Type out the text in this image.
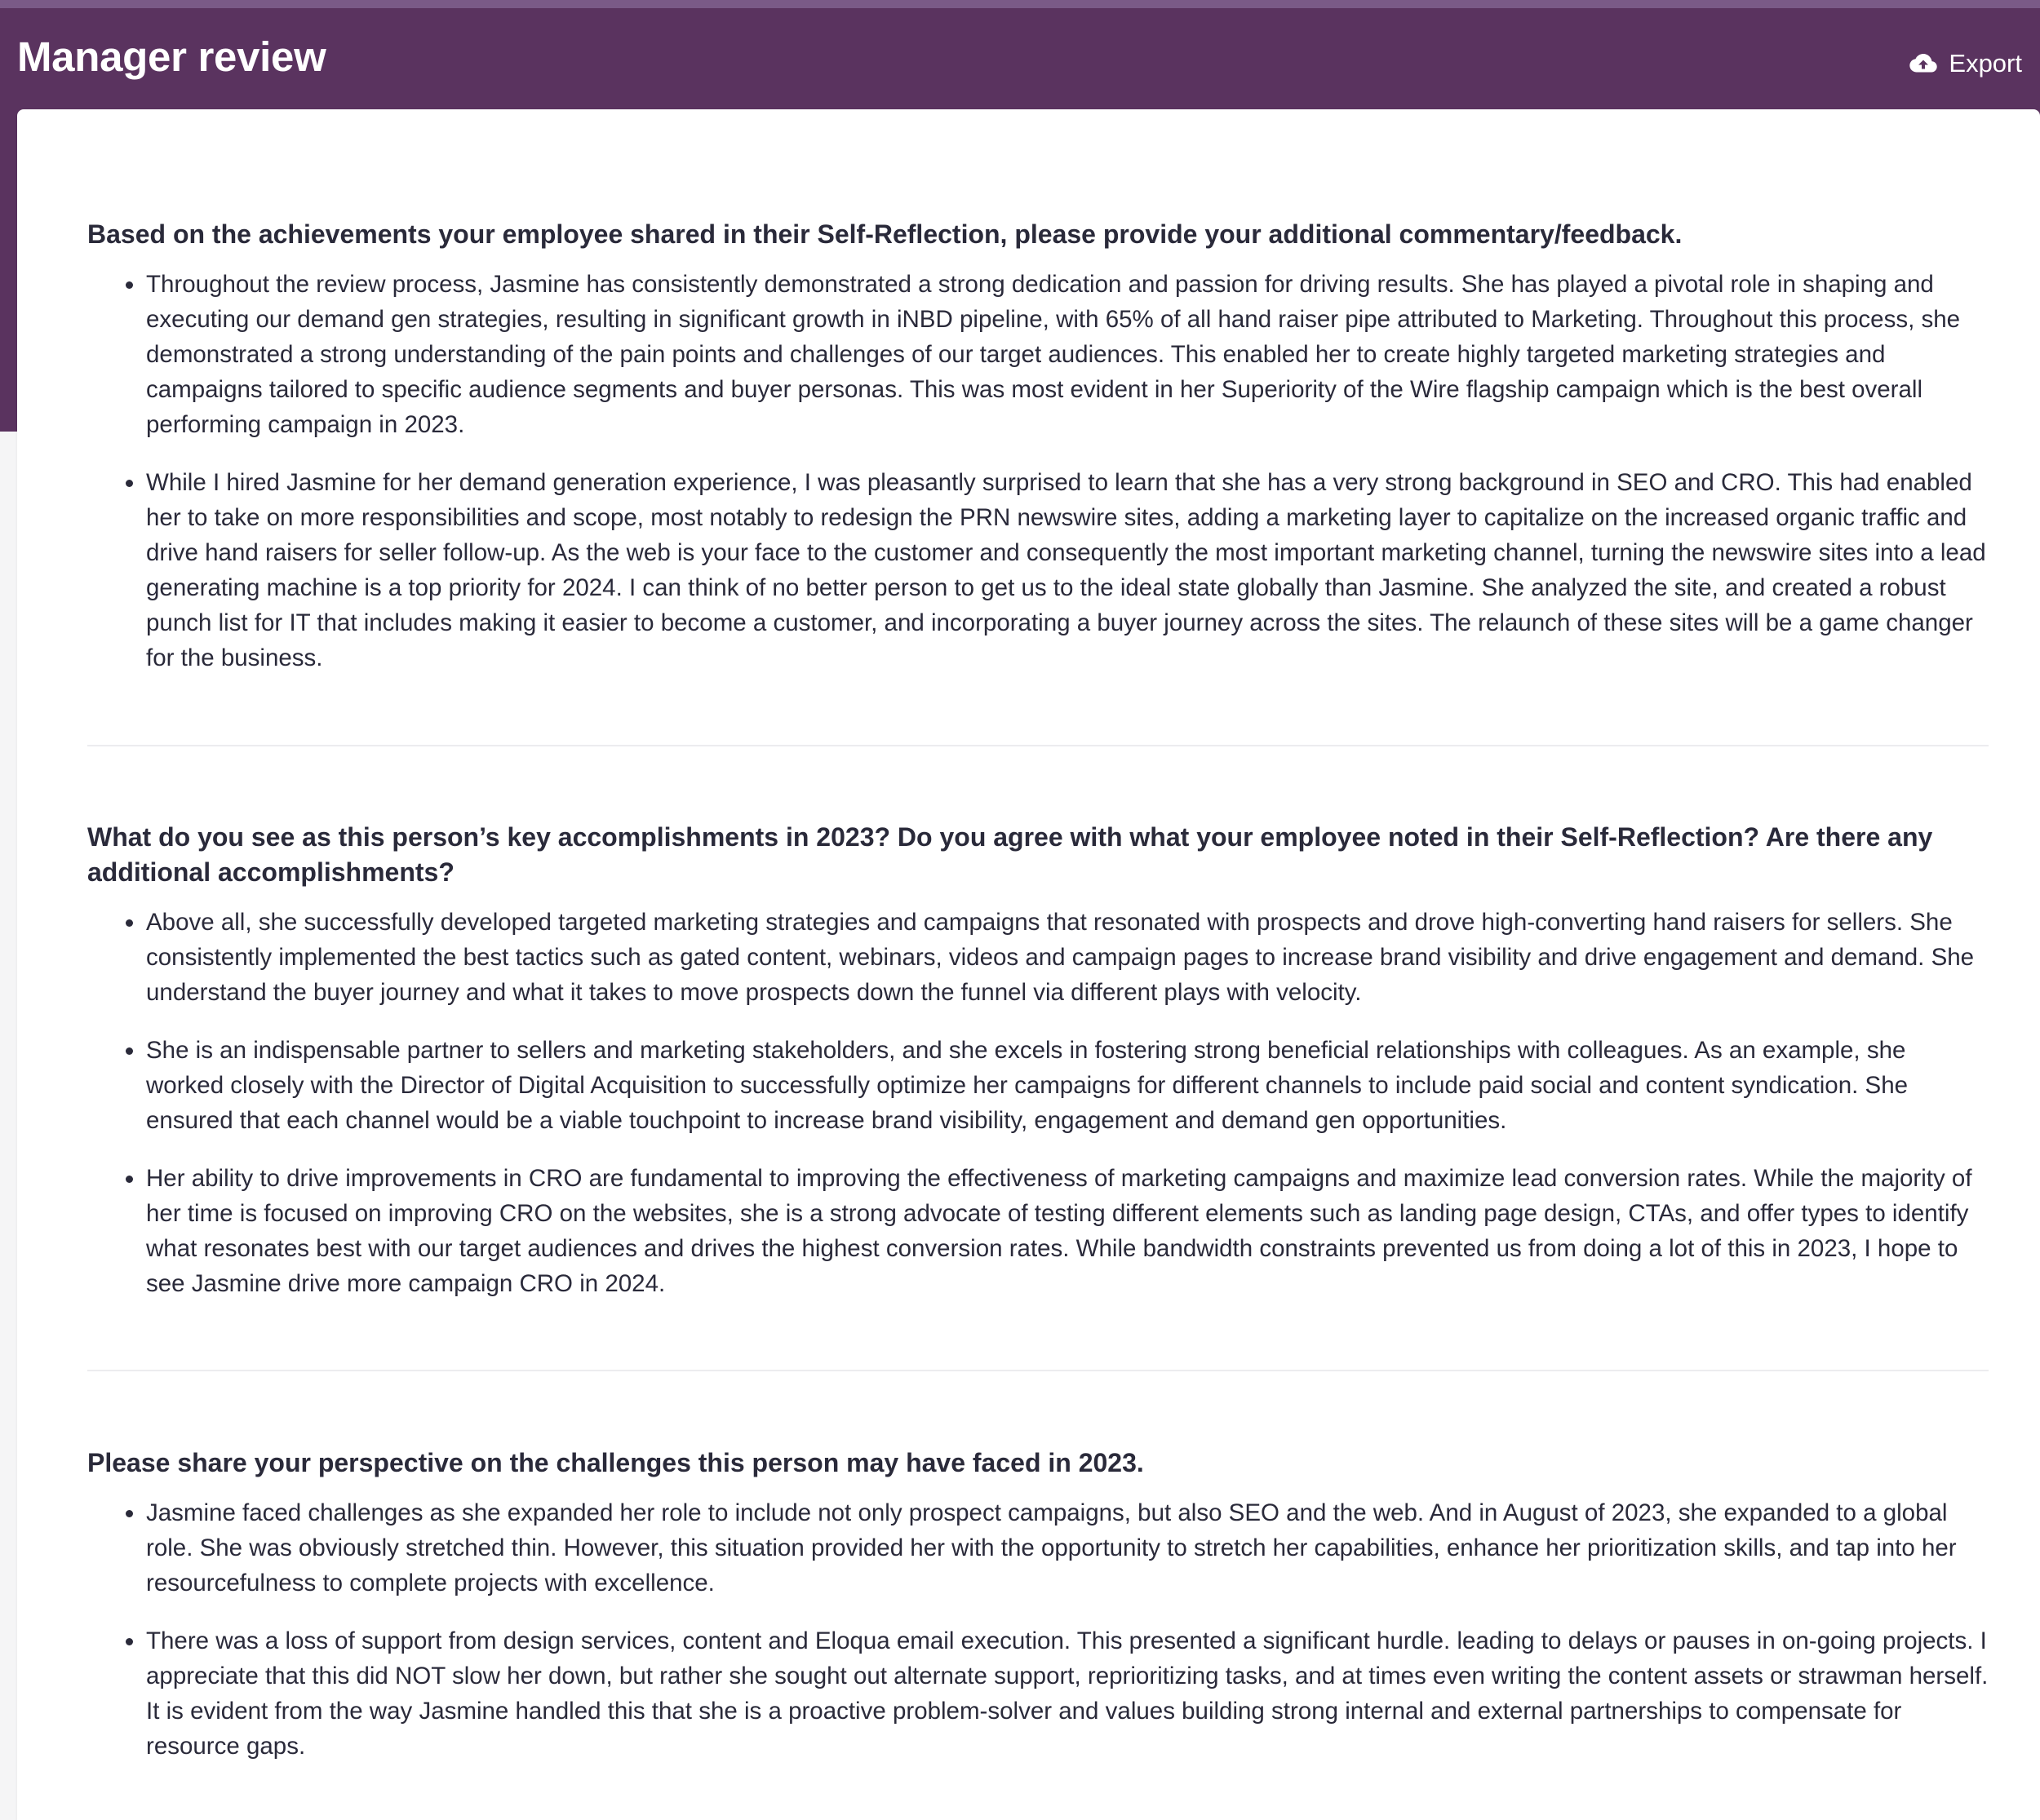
Manager review	Export
Based on the achievements your employee shared in their Self-Reflection, please provide your additional commentary/feedback.
Throughout the review process, Jasmine has consistently demonstrated a strong dedication and passion for driving results. She has played a pivotal role in shaping and executing our demand gen strategies, resulting in significant growth in iNBD pipeline, with 65% of all hand raiser pipe attributed to Marketing. Throughout this process, she demonstrated a strong understanding of the pain points and challenges of our target audiences. This enabled her to create highly targeted marketing strategies and campaigns tailored to specific audience segments and buyer personas. This was most evident in her Superiority of the Wire flagship campaign which is the best overall performing campaign in 2023.
While I hired Jasmine for her demand generation experience, I was pleasantly surprised to learn that she has a very strong background in SEO and CRO. This had enabled her to take on more responsibilities and scope, most notably to redesign the PRN newswire sites, adding a marketing layer to capitalize on the increased organic traffic and drive hand raisers for seller follow-up. As the web is your face to the customer and consequently the most important marketing channel, turning the newswire sites into a lead generating machine is a top priority for 2024. I can think of no better person to get us to the ideal state globally than Jasmine. She analyzed the site, and created a robust punch list for IT that includes making it easier to become a customer, and incorporating a buyer journey across the sites. The relaunch of these sites will be a game changer for the business.
What do you see as this person’s key accomplishments in 2023? Do you agree with what your employee noted in their Self-Reflection? Are there any additional accomplishments?
Above all, she successfully developed targeted marketing strategies and campaigns that resonated with prospects and drove high-converting hand raisers for sellers. She consistently implemented the best tactics such as gated content, webinars, videos and campaign pages to increase brand visibility and drive engagement and demand. She understand the buyer journey and what it takes to move prospects down the funnel via different plays with velocity.
She is an indispensable partner to sellers and marketing stakeholders, and she excels in fostering strong beneficial relationships with colleagues. As an example, she worked closely with the Director of Digital Acquisition to successfully optimize her campaigns for different channels to include paid social and content syndication. She ensured that each channel would be a viable touchpoint to increase brand visibility, engagement and demand gen opportunities.
Her ability to drive improvements in CRO are fundamental to improving the effectiveness of marketing campaigns and maximize lead conversion rates. While the majority of her time is focused on improving CRO on the websites, she is a strong advocate of testing different elements such as landing page design, CTAs, and offer types to identify what resonates best with our target audiences and drives the highest conversion rates. While bandwidth constraints prevented us from doing a lot of this in 2023, I hope to see Jasmine drive more campaign CRO in 2024.
Please share your perspective on the challenges this person may have faced in 2023.
Jasmine faced challenges as she expanded her role to include not only prospect campaigns, but also SEO and the web. And in August of 2023, she expanded to a global role. She was obviously stretched thin. However, this situation provided her with the opportunity to stretch her capabilities, enhance her prioritization skills, and tap into her resourcefulness to complete projects with excellence.
There was a loss of support from design services, content and Eloqua email execution. This presented a significant hurdle. leading to delays or pauses in on-going projects. I appreciate that this did NOT slow her down, but rather she sought out alternate support, reprioritizing tasks, and at times even writing the content assets or strawman herself. It is evident from the way Jasmine handled this that she is a proactive problem-solver and values building strong internal and external partnerships to compensate for resource gaps.
